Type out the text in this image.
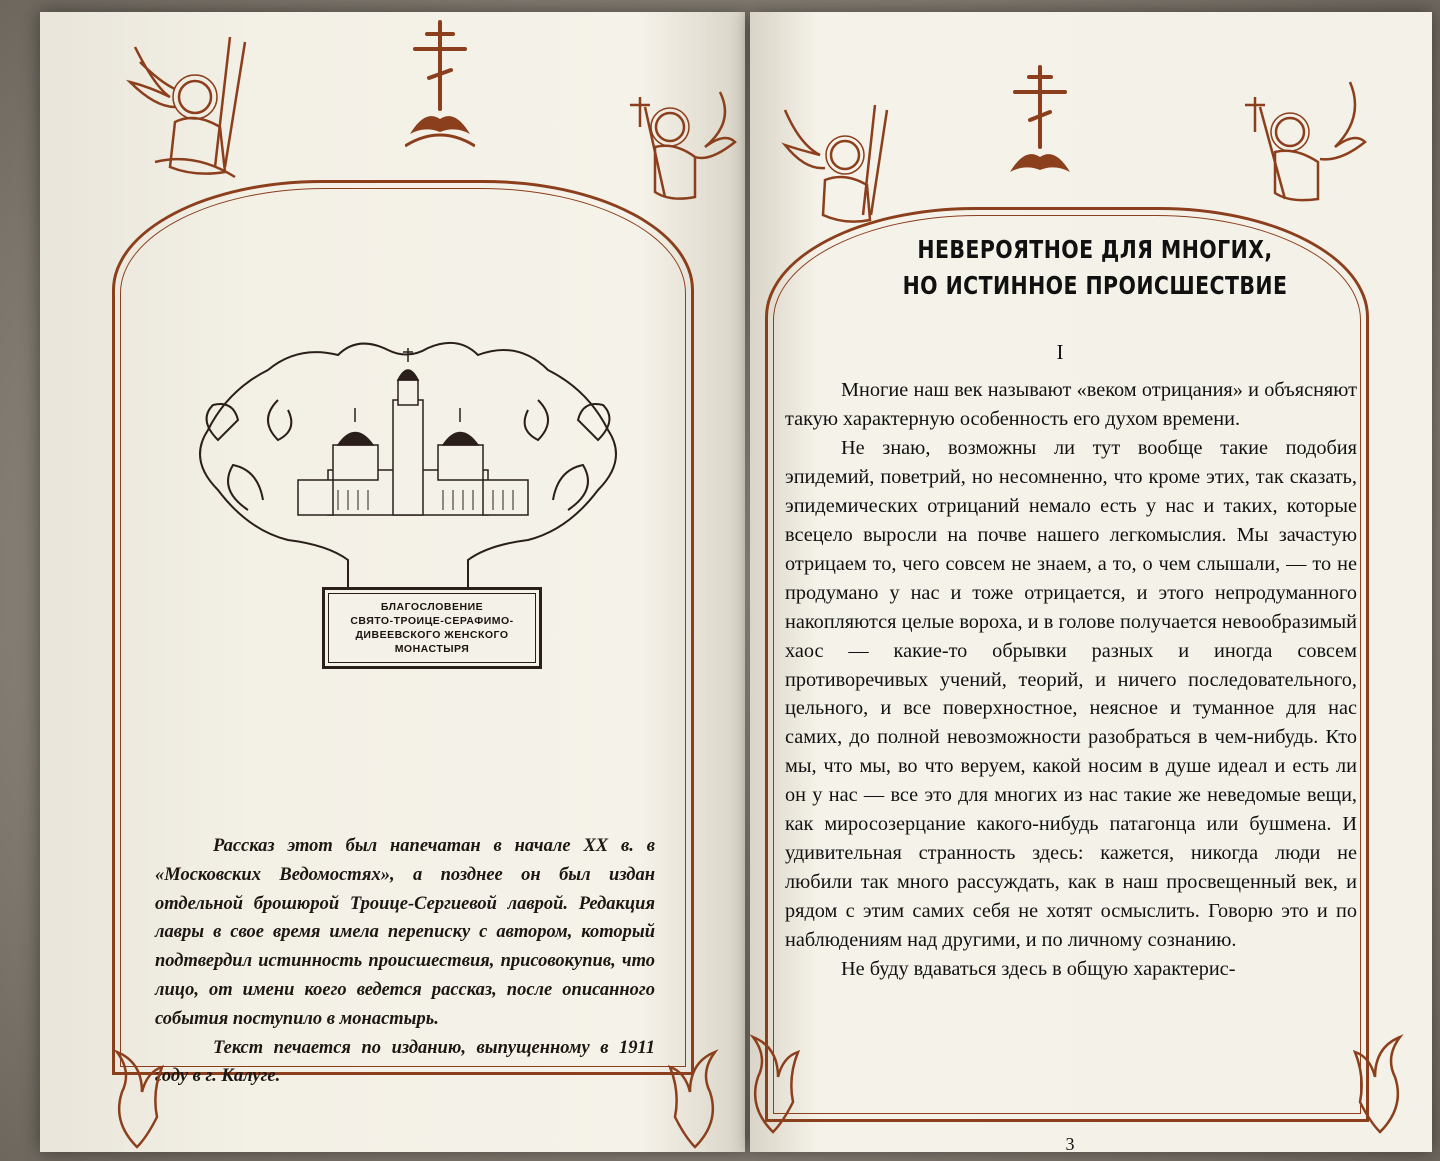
БЛАГОСЛОВЕНИЕ
СВЯТО-ТРОИЦЕ-СЕРАФИМО-
ДИВЕЕВСКОГО ЖЕНСКОГО
МОНАСТЫРЯ

Рассказ этот был напечатан в начале XX в. в «Московских Ведомостях», а позднее он был издан отдельной брошюрой Троице-Сергиевой лаврой. Редакция лавры в свое время имела переписку с автором, который подтвердил истинность происшествия, присовокупив, что лицо, от имени коего ведется рассказ, после описанного события поступило в монастырь.

Текст печается по изданию, выпущенному в 1911 году в г. Калуге.

НЕВЕРОЯТНОЕ ДЛЯ МНОГИХ,
НО ИСТИННОЕ ПРОИСШЕСТВИЕ
I

Многие наш век называют «веком отрицания» и объясняют такую характерную особенность его духом времени.

Не знаю, возможны ли тут вообще такие подобия эпидемий, поветрий, но несомненно, что кроме этих, так сказать, эпидемических отрицаний немало есть у нас и таких, которые всецело выросли на почве нашего легкомыслия. Мы зачастую отрицаем то, чего совсем не знаем, а то, о чем слышали, — то не продумано у нас и тоже отрицается, и этого непродуманного накопляются целые вороха, и в голове получается невообразимый хаос — какие-то обрывки разных и иногда совсем противоречивых учений, теорий, и ничего последовательного, цельного, и все поверхностное, неясное и туманное для нас самих, до полной невозможности разобраться в чем-нибудь. Кто мы, что мы, во что веруем, какой носим в душе идеал и есть ли он у нас — все это для многих из нас такие же неведомые вещи, как миросозерцание какого-нибудь патагонца или бушмена. И удивительная странность здесь: кажется, никогда люди не любили так много рассуждать, как в наш просвещенный век, и рядом с этим самих себя не хотят осмыслить. Говорю это и по наблюдениям над другими, и по личному сознанию.

Не буду вдаваться здесь в общую характерис-

3
